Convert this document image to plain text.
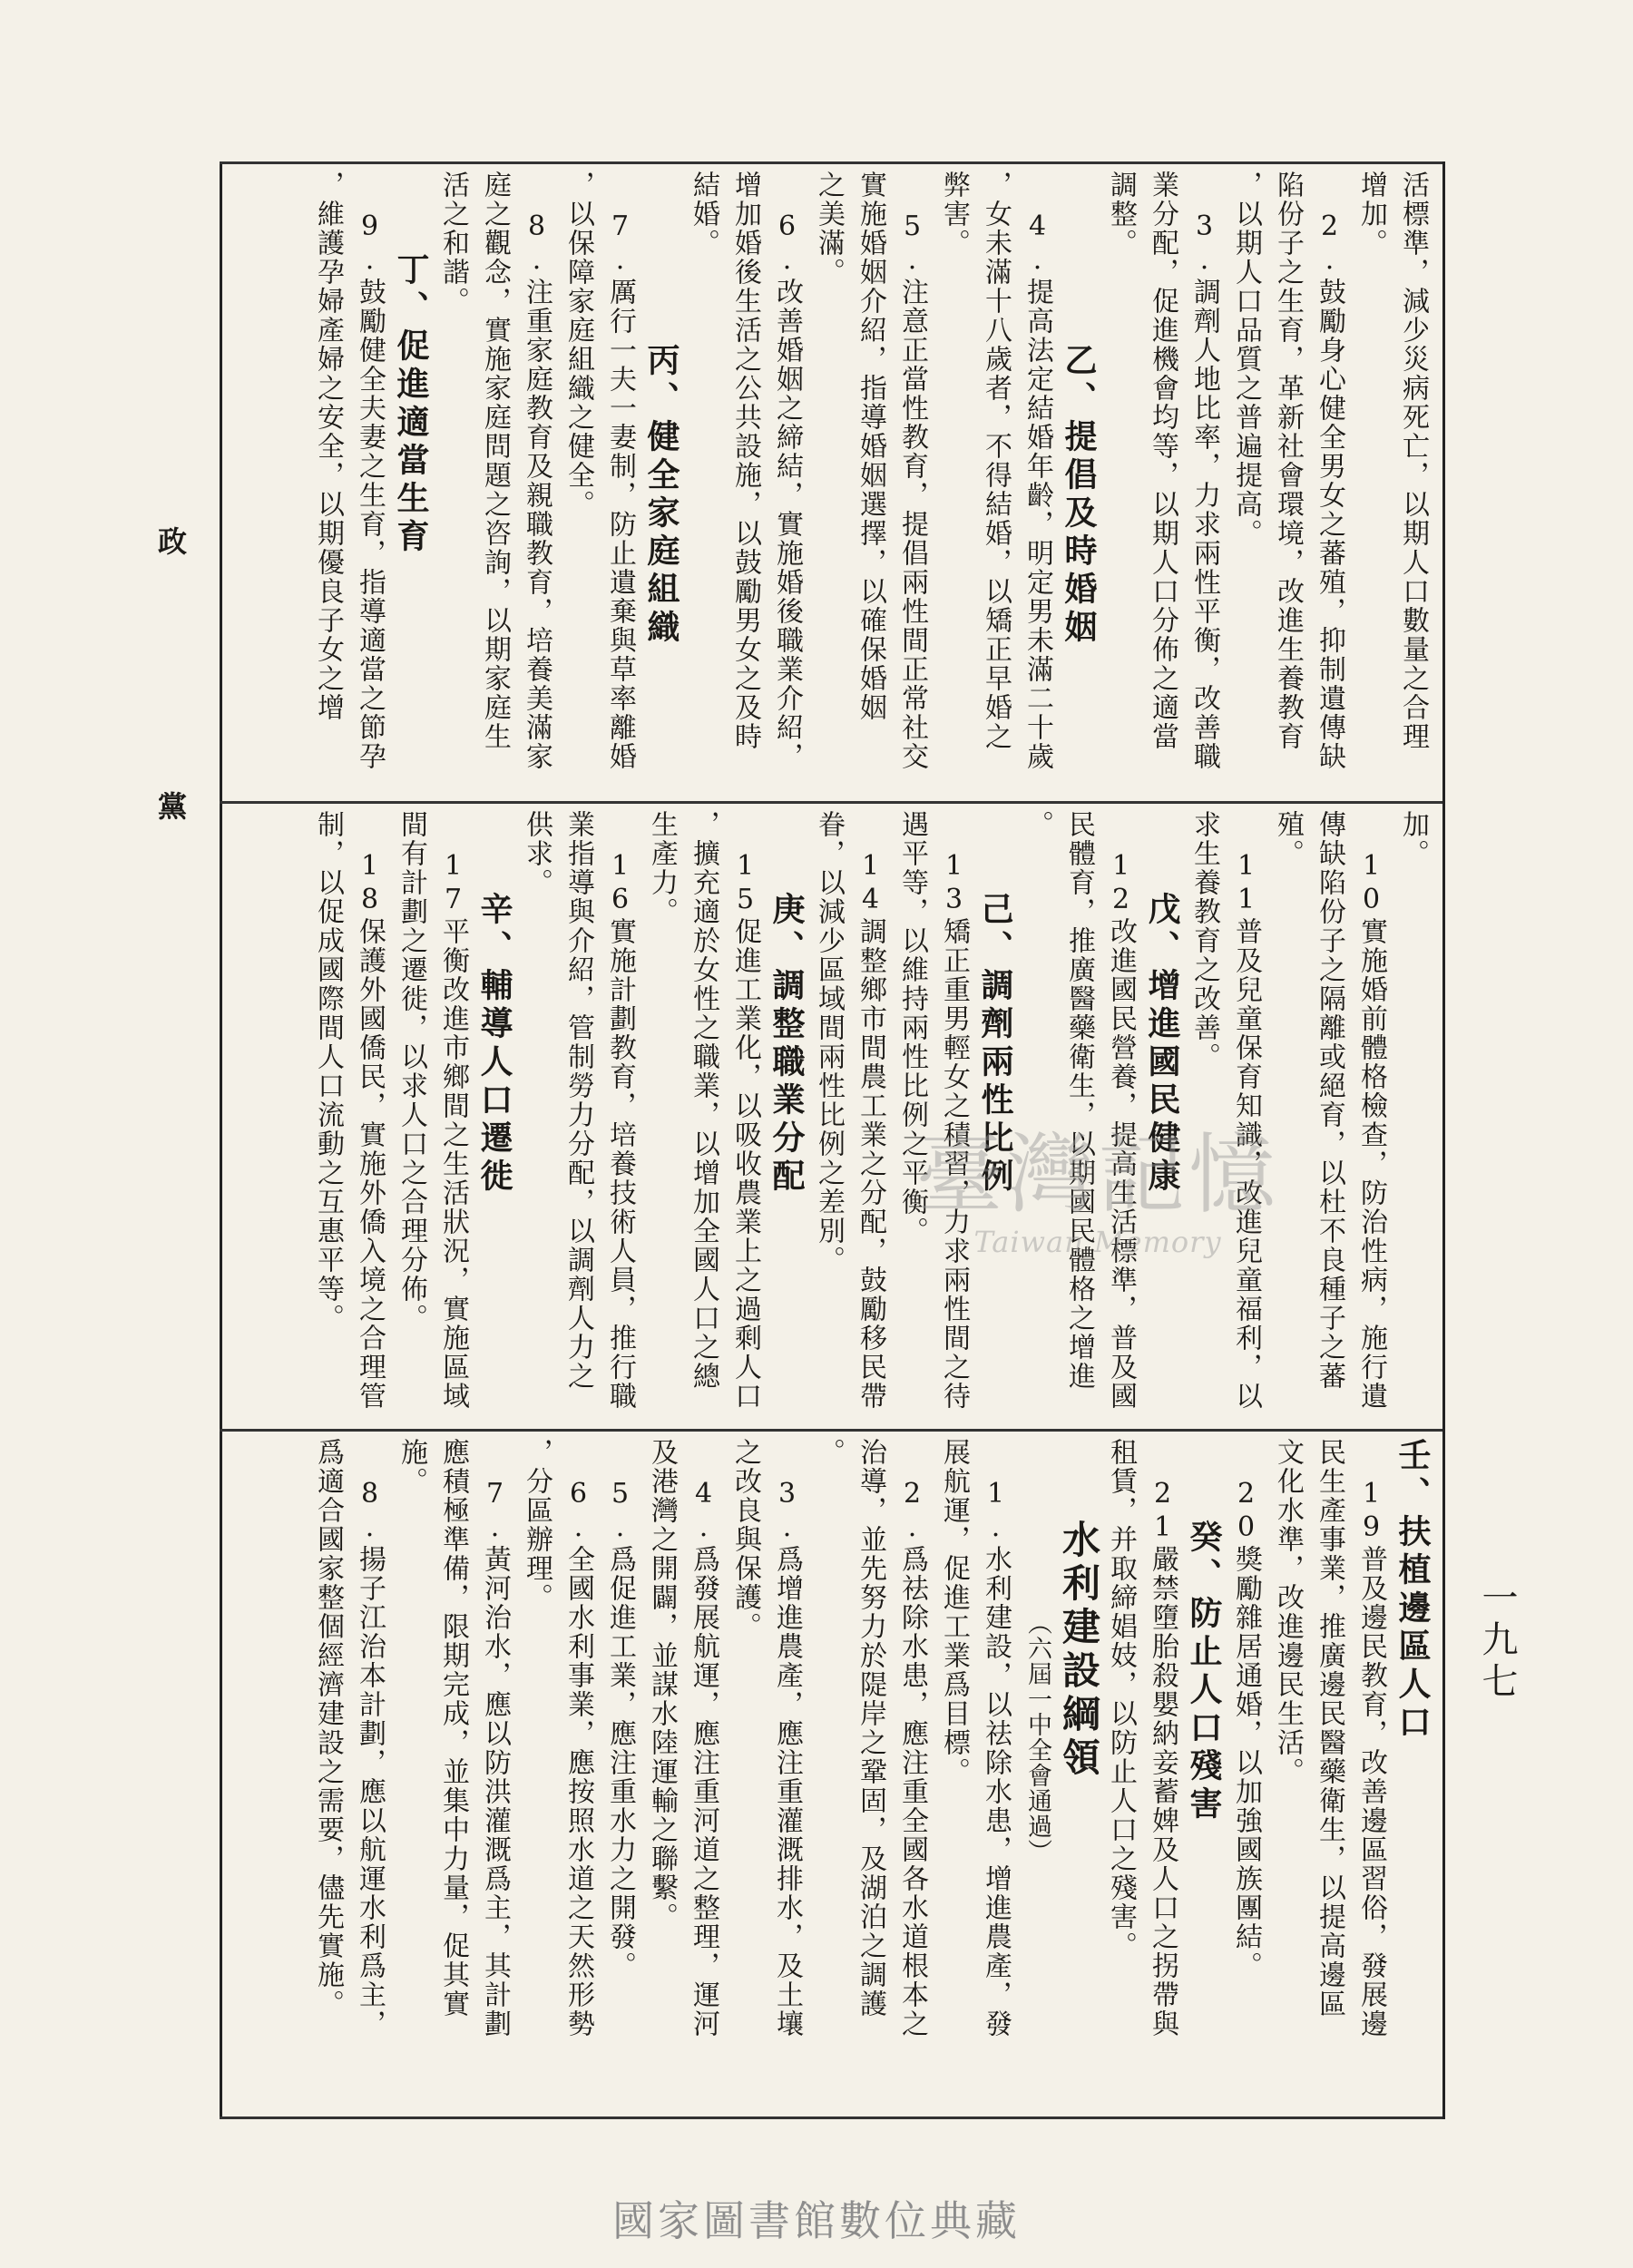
政黨
一九七
活標準，減少災病死亡，以期人口數量之合理
增加。
2.鼓勵身心健全男女之蕃殖，抑制遺傳缺
陷份子之生育，革新社會環境，改進生養教育
，以期人口品質之普遍提高。
3.調劑人地比率，力求兩性平衡，改善職
業分配，促進機會均等，以期人口分佈之適當
調整。
乙、提倡及時婚姻
4.提高法定結婚年齡，明定男未滿二十歲
，女未滿十八歲者，不得結婚，以矯正早婚之
弊害。
5.注意正當性教育，提倡兩性間正常社交
實施婚姻介紹，指導婚姻選擇，以確保婚姻
之美滿。
6.改善婚姻之締結，實施婚後職業介紹，
增加婚後生活之公共設施，以鼓勵男女之及時
結婚。
丙、健全家庭組織
7.厲行一夫一妻制，防止遺棄與草率離婚
，以保障家庭組織之健全。
8.注重家庭教育及親職教育，培養美滿家
庭之觀念，實施家庭問題之咨詢，以期家庭生
活之和諧。
丁、促進適當生育
9.鼓勵健全夫妻之生育，指導適當之節孕
，維護孕婦產婦之安全，以期優良子女之增
加。
10實施婚前體格檢查，防治性病，施行遺
傳缺陷份子之隔離或絕育，以杜不良種子之蕃
殖。
11普及兒童保育知識，改進兒童福利，以
求生養教育之改善。
戊、增進國民健康
12改進國民營養，提高生活標準，普及國
民體育，推廣醫藥衛生，以期國民體格之增進
。
己、調劑兩性比例
13矯正重男輕女之積習，力求兩性間之待
遇平等，以維持兩性比例之平衡。
14調整鄉市間農工業之分配，鼓勵移民帶
眷，以減少區域間兩性比例之差別。
庚、調整職業分配
15促進工業化，以吸收農業上之過剩人口
，擴充適於女性之職業，以增加全國人口之總
生產力。
16實施計劃教育，培養技術人員，推行職
業指導與介紹，管制勞力分配，以調劑人力之
供求。
辛、輔導人口遷徙
17平衡改進市鄉間之生活狀況，實施區域
間有計劃之遷徙，以求人口之合理分佈。
18保護外國僑民，實施外僑入境之合理管
制，以促成國際間人口流動之互惠平等。
壬、扶植邊區人口
19普及邊民教育，改善邊區習俗，發展邊
民生產事業，推廣邊民醫藥衛生，以提高邊區
文化水準，改進邊民生活。
20獎勵雜居通婚，以加強國族團結。
癸、防止人口殘害
21嚴禁墮胎殺嬰納妾蓄婢及人口之拐帶與
租賃，并取締娼妓，以防止人口之殘害。
水利建設綱領
（六屆一中全會通過）
1.水利建設，以祛除水患，增進農產，發
展航運，促進工業爲目標。
2.爲祛除水患，應注重全國各水道根本之
治導，並先努力於隄岸之鞏固，及湖泊之調護
。
3.爲增進農產，應注重灌溉排水，及土壤
之改良與保護。
4.爲發展航運，應注重河道之整理，運河
及港灣之開闢，並謀水陸運輸之聯繫。
5.爲促進工業，應注重水力之開發。
6.全國水利事業，應按照水道之天然形勢
，分區辦理。
7.黃河治水，應以防洪灌溉爲主，其計劃
應積極準備，限期完成，並集中力量，促其實
施。
8.揚子江治本計劃，應以航運水利爲主，
爲適合國家整個經濟建設之需要，儘先實施。
臺灣記憶
Taiwan Memory
國家圖書館數位典藏
